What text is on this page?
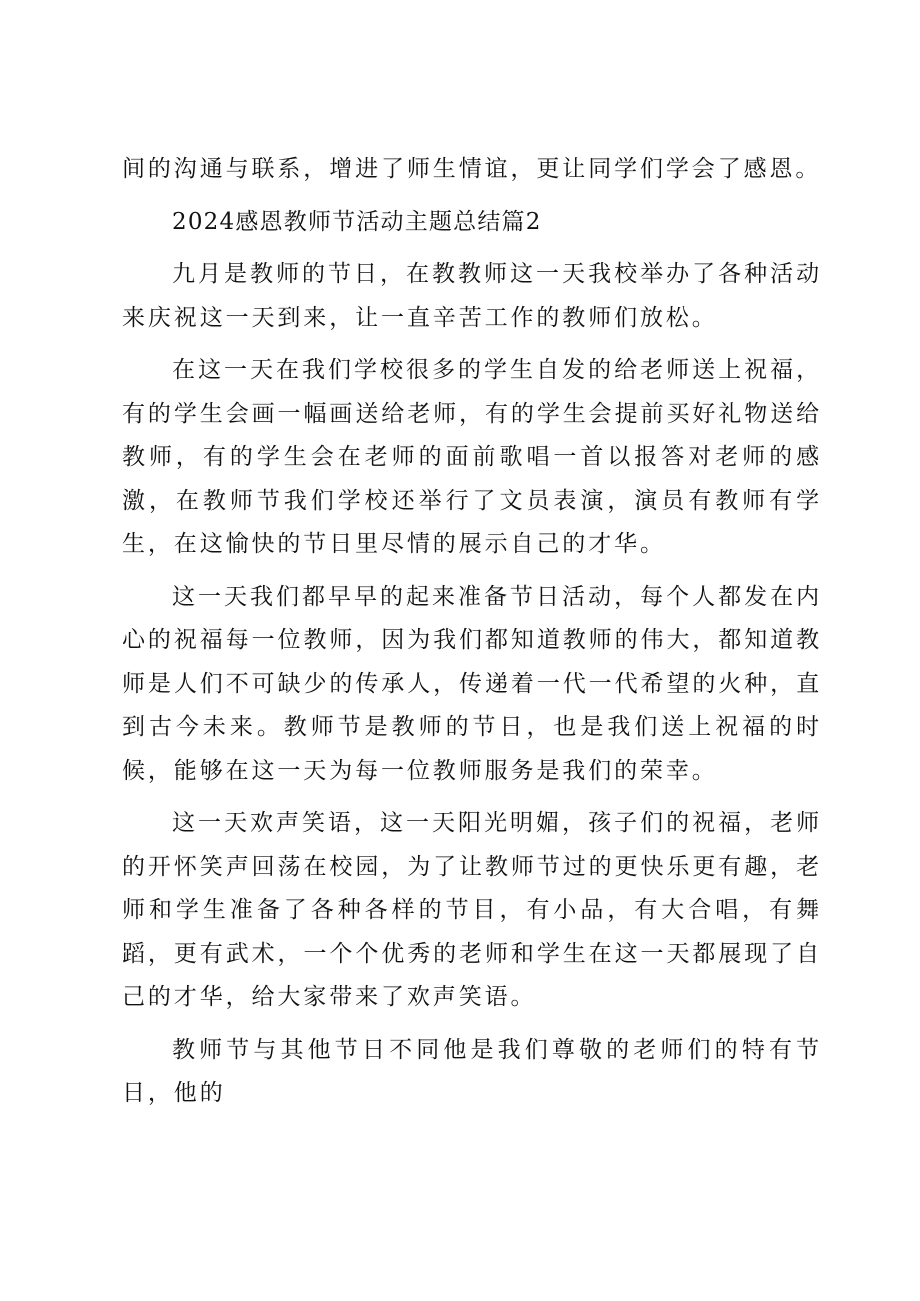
间的沟通与联系，增进了师生情谊，更让同学们学会了感恩。

2024感恩教师节活动主题总结篇2

九月是教师的节日，在教教师这一天我校举办了各种活动来庆祝这一天到来，让一直辛苦工作的教师们放松。

在这一天在我们学校很多的学生自发的给老师送上祝福，有的学生会画一幅画送给老师，有的学生会提前买好礼物送给教师，有的学生会在老师的面前歌唱一首以报答对老师的感激，在教师节我们学校还举行了文员表演，演员有教师有学生，在这愉快的节日里尽情的展示自己的才华。

这一天我们都早早的起来准备节日活动，每个人都发在内心的祝福每一位教师，因为我们都知道教师的伟大，都知道教师是人们不可缺少的传承人，传递着一代一代希望的火种，直到古今未来。教师节是教师的节日，也是我们送上祝福的时候，能够在这一天为每一位教师服务是我们的荣幸。

这一天欢声笑语，这一天阳光明媚，孩子们的祝福，老师的开怀笑声回荡在校园，为了让教师节过的更快乐更有趣，老师和学生准备了各种各样的节目，有小品，有大合唱，有舞蹈，更有武术，一个个优秀的老师和学生在这一天都展现了自己的才华，给大家带来了欢声笑语。

教师节与其他节日不同他是我们尊敬的老师们的特有节日，他的
